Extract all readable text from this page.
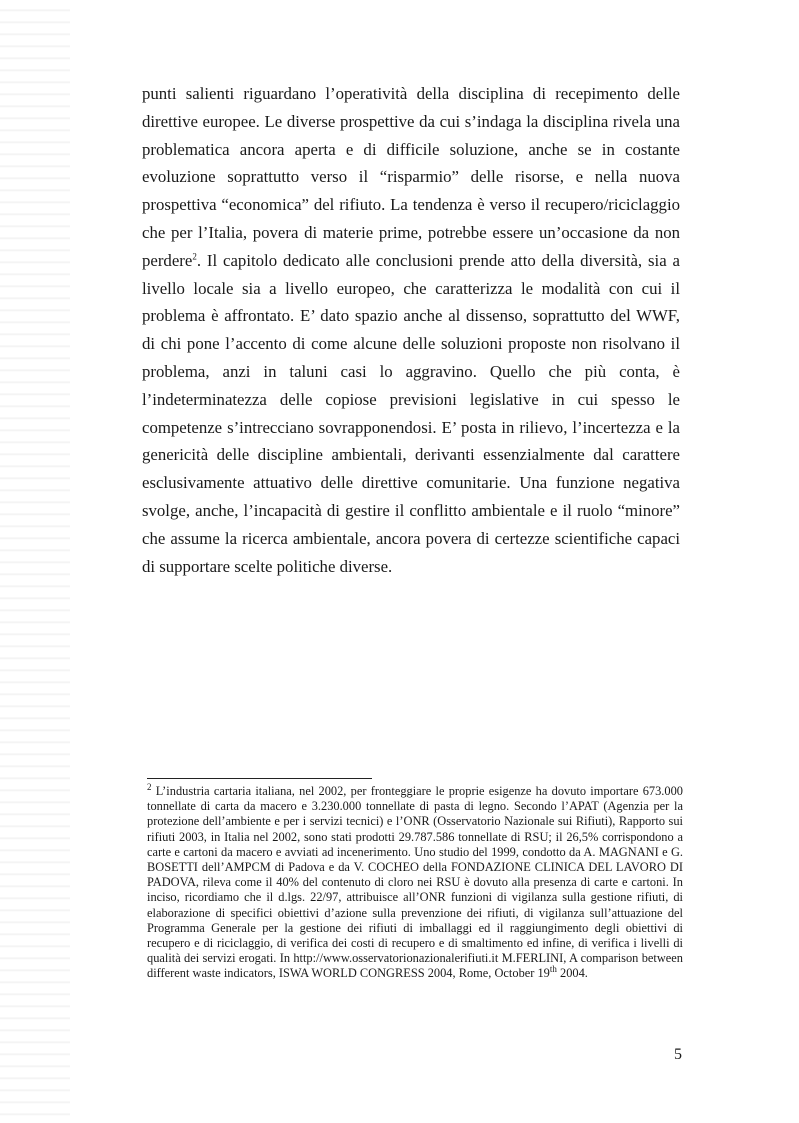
punti salienti riguardano l’operatività della disciplina di recepimento delle direttive europee. Le diverse prospettive da cui s’indaga la disciplina rivela una problematica ancora aperta e di difficile soluzione, anche se in costante evoluzione soprattutto verso il “risparmio” delle risorse, e nella nuova prospettiva “economica” del rifiuto. La tendenza è verso il recupero/riciclaggio che per l’Italia, povera di materie prime, potrebbe essere un’occasione da non perdere$^2$. Il capitolo dedicato alle conclusioni prende atto della diversità, sia a livello locale sia a livello europeo, che caratterizza le modalità con cui il problema è affrontato. E’ dato spazio anche al dissenso, soprattutto del WWF, di chi pone l’accento di come alcune delle soluzioni proposte non risolvano il problema, anzi in taluni casi lo aggravino. Quello che più conta, è l’indeterminatezza delle copiose previsioni legislative in cui spesso le competenze s’intrecciano sovrapponendosi. E’ posta in rilievo, l’incertezza e la genericità delle discipline ambientali, derivanti essenzialmente dal carattere esclusivamente attuativo delle direttive comunitarie. Una funzione negativa svolge, anche, l’incapacità di gestire il conflitto ambientale e il ruolo “minore” che assume la ricerca ambientale, ancora povera di certezze scientifiche capaci di supportare scelte politiche diverse.

$^2$ L’industria cartaria italiana, nel 2002, per fronteggiare le proprie esigenze ha dovuto importare 673.000 tonnellate di carta da macero e 3.230.000 tonnellate di pasta di legno. Secondo l’APAT (Agenzia per la protezione dell’ambiente e per i servizi tecnici) e l’ONR (Osservatorio Nazionale sui Rifiuti), Rapporto sui rifiuti 2003, in Italia nel 2002, sono stati prodotti 29.787.586 tonnellate di RSU; il 26,5% corrispondono a carte e cartoni da macero e avviati ad incenerimento. Uno studio del 1999, condotto da A. MAGNANI e G. BOSETTI dell’AMPCM di Padova e da V. COCHEO della FONDAZIONE CLINICA DEL LAVORO DI PADOVA, rileva come il 40% del contenuto di cloro nei RSU è dovuto alla presenza di carte e cartoni. In inciso, ricordiamo che il d.lgs. 22/97, attribuisce all’ONR funzioni di vigilanza sulla gestione rifiuti, di elaborazione di specifici obiettivi d’azione sulla prevenzione dei rifiuti, di vigilanza sull’attuazione del Programma Generale per la gestione dei rifiuti di imballaggi ed il raggiungimento degli obiettivi di recupero e di riciclaggio, di verifica dei costi di recupero e di smaltimento ed infine, di verifica i livelli di qualità dei servizi erogati. In http://www.osservatorionazionalerifiuti.it M.FERLINI, A comparison between different waste indicators, ISWA WORLD CONGRESS 2004, Rome, October 19th 2004.

5
